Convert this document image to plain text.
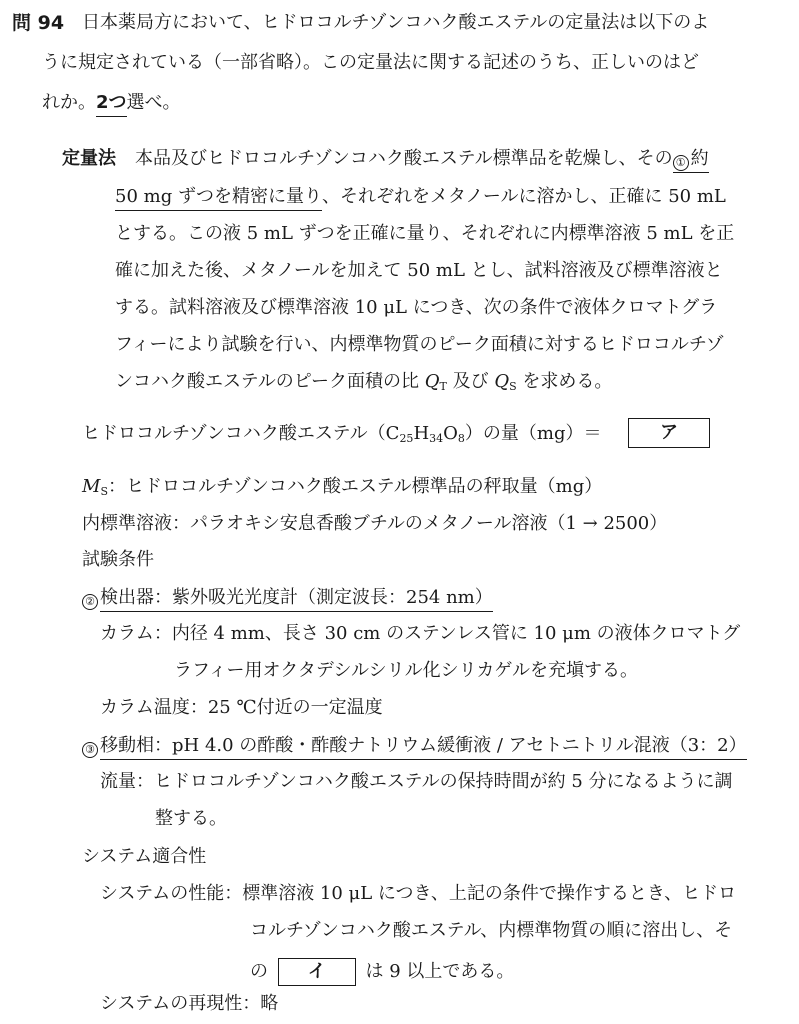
問 94 日本薬局方において、ヒドロコルチゾンコハク酸エステルの定量法は以下のよ
うに規定されている（一部省略）。この定量法に関する記述のうち、正しいのはど
れか。2つ選べ。
定量法 本品及びヒドロコルチゾンコハク酸エステル標準品を乾燥し、その ① 約
50 mg ずつを精密に量り、それぞれをメタノールに溶かし、正確に 50 mL
とする。この液 5 mL ずつを正確に量り、それぞれに内標準溶液 5 mL を正
確に加えた後、メタノールを加えて 50 mL とし、試料溶液及び標準溶液と
する。試料溶液及び標準溶液 10 μL につき、次の条件で液体クロマトグラ
フィーにより試験を行い、内標準物質のピーク面積に対するヒドロコルチゾ
ンコハク酸エステルのピーク面積の比 $Q_T$ 及び $Q_S$ を求める。
ヒドロコルチゾンコハク酸エステル$(C_{25}H_{34}O_8)$の量（mg）＝	ア
$M_S$：ヒドロコルチゾンコハク酸エステル標準品の秤取量（mg）
内標準溶液：パラオキシ安息香酸ブチルのメタノール溶液（1 → 2500）
試験条件
② 検出器：紫外吸光光度計（測定波長：254 nm）
カラム：内径 4 mm、長さ 30 cm のステンレス管に 10 μm の液体クロマトグ
ラフィー用オクタデシルシリル化シリカゲルを充塡する。
カラム温度：25 ℃付近の一定温度
③ 移動相：pH 4.0 の酢酸・酢酸ナトリウム緩衝液 / アセトニトリル混液（3：2）
流量：ヒドロコルチゾンコハク酸エステルの保持時間が約 5 分になるように調
整する。
システム適合性
システムの性能：標準溶液 10 μL につき、上記の条件で操作するとき、ヒドロ
コルチゾンコハク酸エステル、内標準物質の順に溶出し、そ
の イ は 9 以上である。
システムの再現性：略
